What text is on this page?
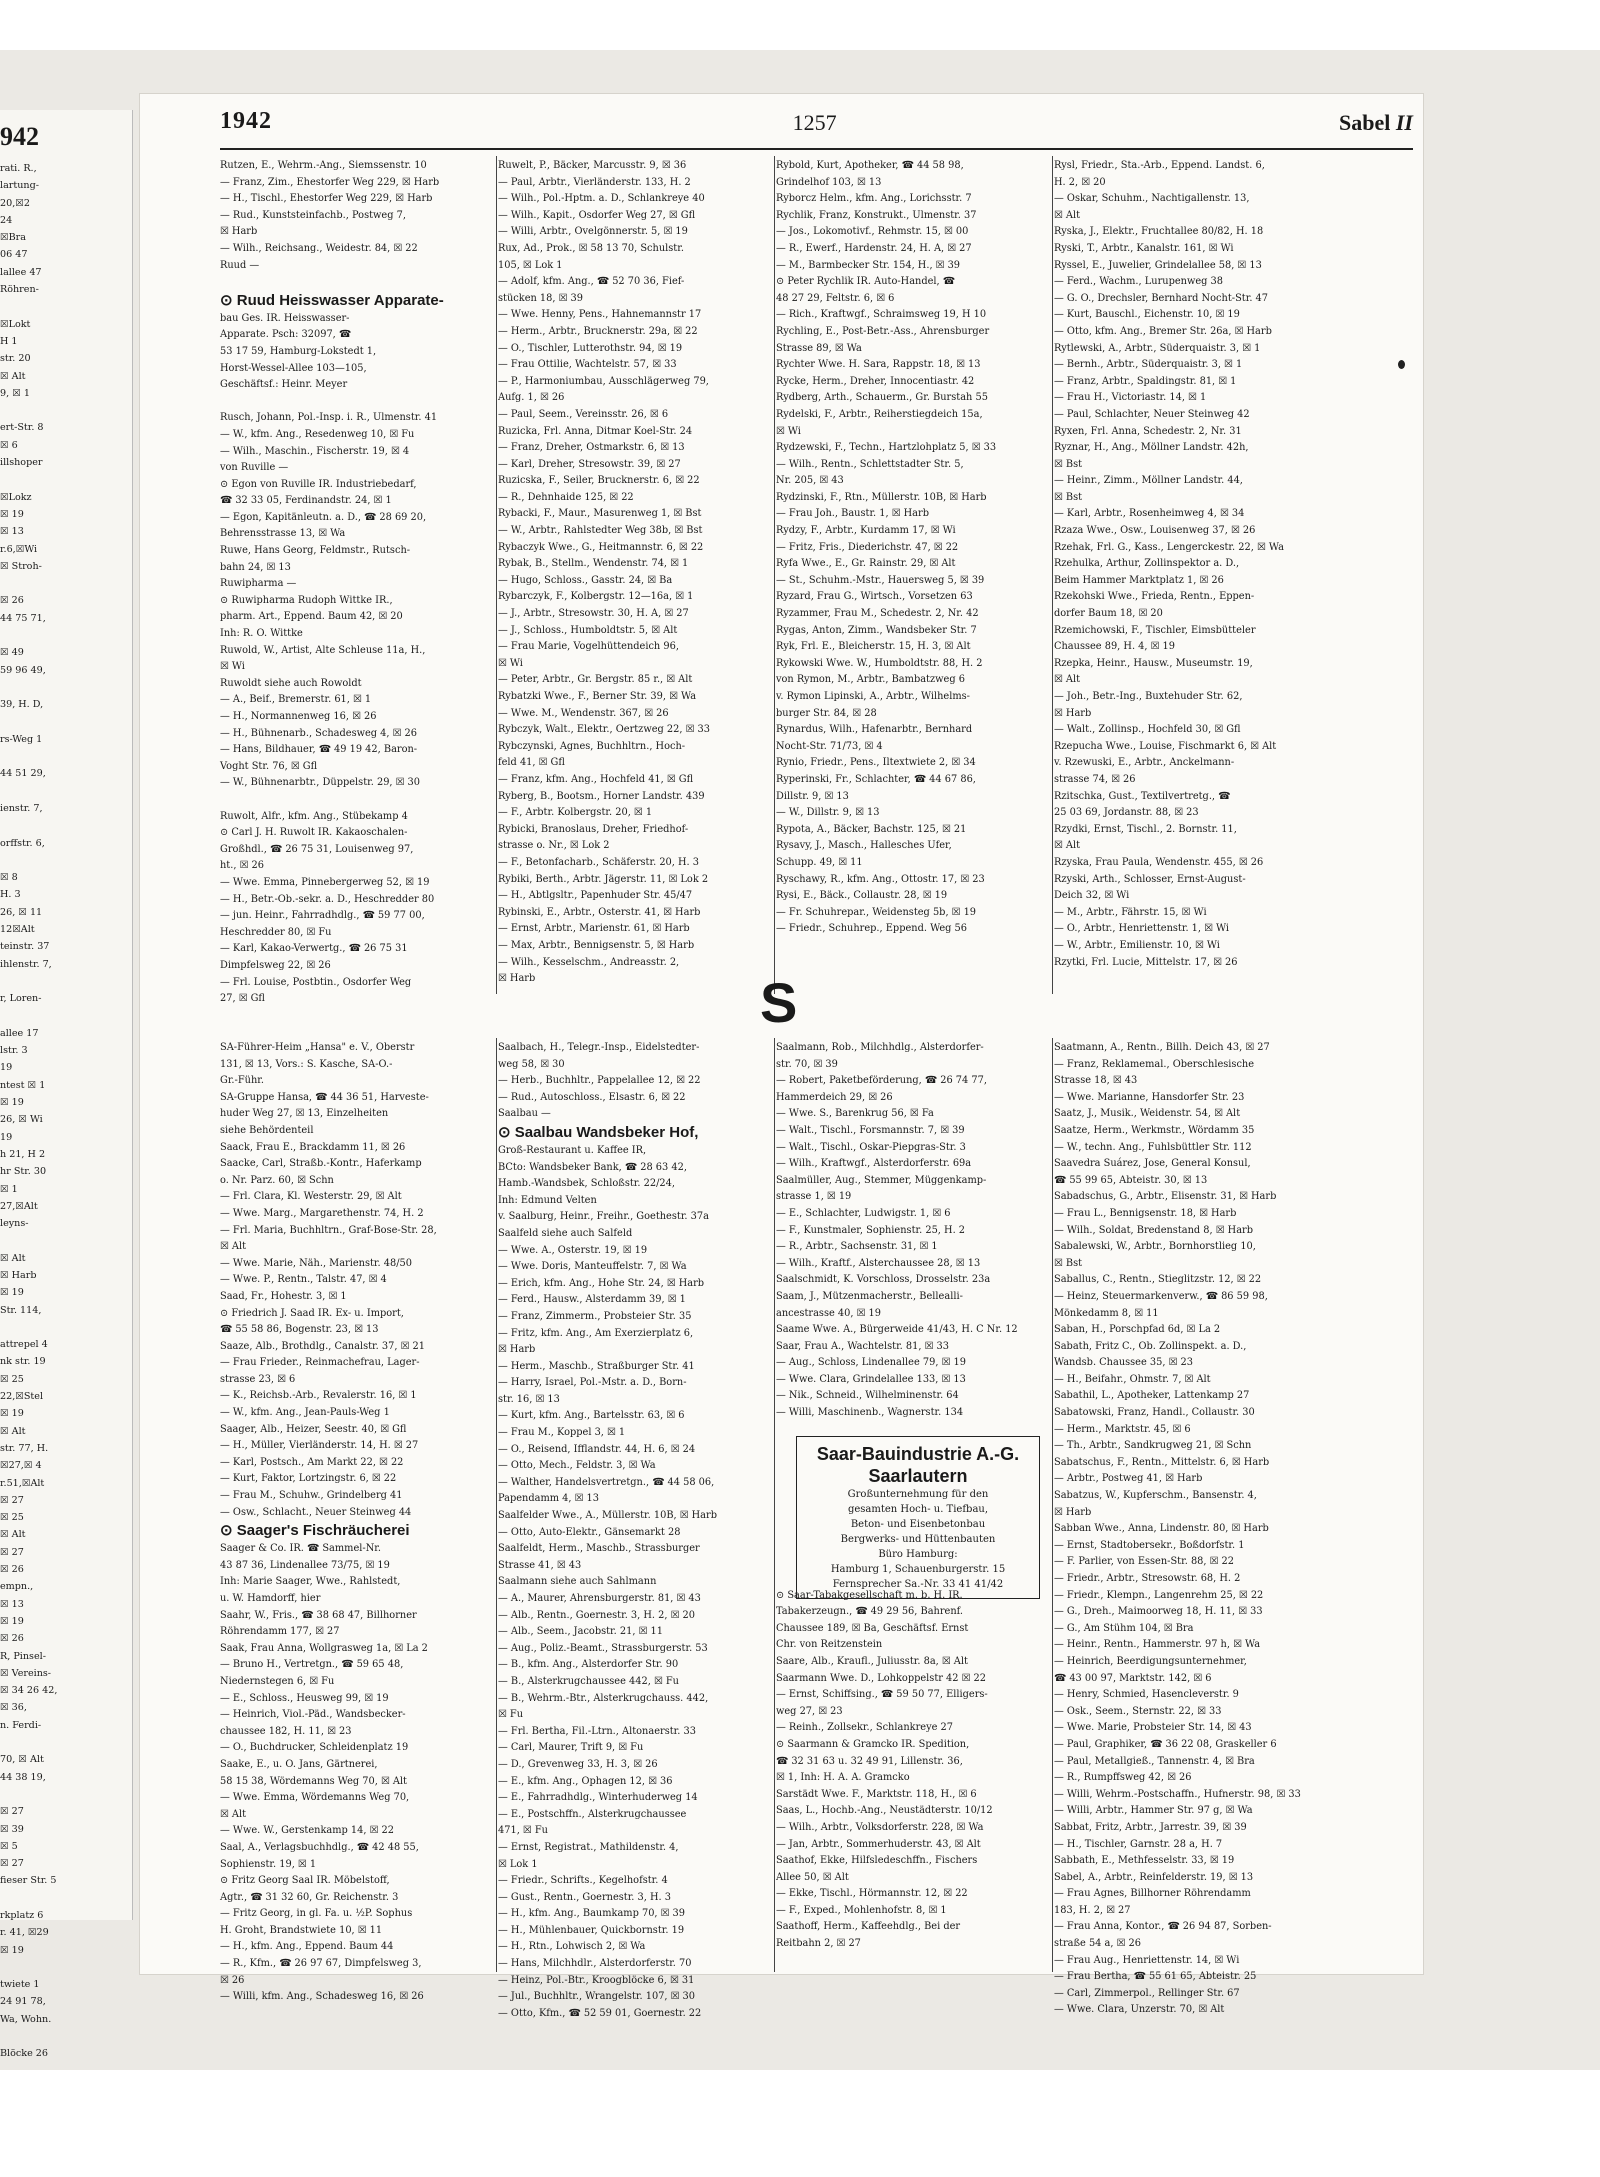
942
rati. R.,
lartung-
20,☒2
24
☒Bra
06 47
lallee 47
Röhren-

☒Lokt
H 1
str. 20
☒ Alt
9, ☒ 1

ert-Str. 8
☒ 6
illshoper

☒Lokz
☒ 19
☒ 13
r.6,☒Wi
☒ Stroh-

☒ 26
44 75 71,

☒ 49
59 96 49,

39, H. D,

rs-Weg 1

44 51 29,

ienstr. 7,

orffstr. 6,

☒ 8
H. 3
26, ☒ 11
12☒Alt
teinstr. 37
ihlenstr. 7,

r, Loren-

allee 17
lstr. 3
19
ntest ☒ 1
☒ 19
26, ☒ Wi
19
h 21, H 2
hr Str. 30
☒ 1
27,☒Alt
leyns-

☒ Alt
☒ Harb
☒ 19
Str. 114,

attrepel 4
nk str. 19
☒ 25
22,☒Stel
☒ 19
☒ Alt
str. 77, H.
☒27,☒ 4
r.51,☒Alt
☒ 27
☒ 25
☒ Alt
☒ 27
☒ 26
empn.,
☒ 13
☒ 19
☒ 26
R, Pinsel-
☒ Vereins-
☒ 34 26 42,
☒ 36,
n. Ferdi-

70, ☒ Alt
44 38 19,

☒ 27
☒ 39
☒ 5
☒ 27
fieser Str. 5

rkplatz 6
r. 41, ☒29
☒ 19

twiete 1
24 91 78,
Wa, Wohn.

Blöcke 26
1942	1257	Sabel II
Rutzen, E., Wehrm.-Ang., Siemssenstr. 10
— Franz, Zim., Ehestorfer Weg 229, ☒ Harb
— H., Tischl., Ehestorfer Weg 229, ☒ Harb
— Rud., Kunststeinfachb., Postweg 7,
☒ Harb
— Wilh., Reichsang., Weidestr. 84, ☒ 22
Ruud —

⊙ Ruud Heisswasser Apparate-
bau Ges. IR. Heisswasser-
Apparate. Psch: 32097, ☎
53 17 59, Hamburg-Lokstedt 1,
Horst-Wessel-Allee 103—105,
Geschäftsf.: Heinr. Meyer

Rusch, Johann, Pol.-Insp. i. R., Ulmenstr. 41
— W., kfm. Ang., Resedenweg 10, ☒ Fu
— Wilh., Maschin., Fischerstr. 19, ☒ 4
von Ruville —
⊙ Egon von Ruville IR. Industriebedarf,
☎ 32 33 05, Ferdinandstr. 24, ☒ 1
— Egon, Kapitänleutn. a. D., ☎ 28 69 20,
Behrensstrasse 13, ☒ Wa
Ruwe, Hans Georg, Feldmstr., Rutsch-
bahn 24, ☒ 13
Ruwipharma —
⊙ Ruwipharma Rudoph Wittke IR.,
pharm. Art., Eppend. Baum 42, ☒ 20
Inh: R. O. Wittke
Ruwold, W., Artist, Alte Schleuse 11a, H.,
☒ Wi
Ruwoldt siehe auch Rowoldt
— A., Beif., Bremerstr. 61, ☒ 1
— H., Normannenweg 16, ☒ 26
— H., Bühnenarb., Schadesweg 4, ☒ 26
— Hans, Bildhauer, ☎ 49 19 42, Baron-
Voght Str. 76, ☒ Gfl
— W., Bühnenarbtr., Düppelstr. 29, ☒ 30

Ruwolt, Alfr., kfm. Ang., Stübekamp 4
⊙ Carl J. H. Ruwolt IR. Kakaoschalen-
Großhdl., ☎ 26 75 31, Louisenweg 97,
ht., ☒ 26
— Wwe. Emma, Pinnebergerweg 52, ☒ 19
— H., Betr.-Ob.-sekr. a. D., Heschredder 80
— jun. Heinr., Fahrradhdlg., ☎ 59 77 00,
Heschredder 80, ☒ Fu
— Karl, Kakao-Verwertg., ☎ 26 75 31
Dimpfelsweg 22, ☒ 26
— Frl. Louise, Postbtin., Osdorfer Weg
27, ☒ Gfl
Ruwelt, P., Bäcker, Marcusstr. 9, ☒ 36
— Paul, Arbtr., Vierländerstr. 133, H. 2
— Wilh., Pol.-Hptm. a. D., Schlankreye 40
— Wilh., Kapit., Osdorfer Weg 27, ☒ Gfl
— Willi, Arbtr., Ovelgönnerstr. 5, ☒ 19
Rux, Ad., Prok., ☒ 58 13 70, Schulstr.
105, ☒ Lok 1
— Adolf, kfm. Ang., ☎ 52 70 36, Fief-
stücken 18, ☒ 39
— Wwe. Henny, Pens., Hahnemannstr 17
— Herm., Arbtr., Brucknerstr. 29a, ☒ 22
— O., Tischler, Lutterothstr. 94, ☒ 19
— Frau Ottilie, Wachtelstr. 57, ☒ 33
— P., Harmoniumbau, Ausschlägerweg 79,
Aufg. 1, ☒ 26
— Paul, Seem., Vereinsstr. 26, ☒ 6
Ruzicka, Frl. Anna, Ditmar Koel-Str. 24
— Franz, Dreher, Ostmarkstr. 6, ☒ 13
— Karl, Dreher, Stresowstr. 39, ☒ 27
Ruzicska, F., Seiler, Brucknerstr. 6, ☒ 22
— R., Dehnhaide 125, ☒ 22
Rybacki, F., Maur., Masurenweg 1, ☒ Bst
— W., Arbtr., Rahlstedter Weg 38b, ☒ Bst
Rybaczyk Wwe., G., Heitmannstr. 6, ☒ 22
Rybak, B., Stellm., Wendenstr. 74, ☒ 1
— Hugo, Schloss., Gasstr. 24, ☒ Ba
Rybarczyk, F., Kolbergstr. 12—16a, ☒ 1
— J., Arbtr., Stresowstr. 30, H. A, ☒ 27
— J., Schloss., Humboldtstr. 5, ☒ Alt
— Frau Marie, Vogelhüttendeich 96,
☒ Wi
— Peter, Arbtr., Gr. Bergstr. 85 r., ☒ Alt
Rybatzki Wwe., F., Berner Str. 39, ☒ Wa
— Wwe. M., Wendenstr. 367, ☒ 26
Rybczyk, Walt., Elektr., Oertzweg 22, ☒ 33
Rybczynski, Agnes, Buchhltrn., Hoch-
feld 41, ☒ Gfl
— Franz, kfm. Ang., Hochfeld 41, ☒ Gfl
Ryberg, B., Bootsm., Horner Landstr. 439
— F., Arbtr. Kolbergstr. 20, ☒ 1
Rybicki, Branoslaus, Dreher, Friedhof-
strasse o. Nr., ☒ Lok 2
— F., Betonfacharb., Schäferstr. 20, H. 3
Rybiki, Berth., Arbtr. Jägerstr. 11, ☒ Lok 2
— H., Abtlgsltr., Papenhuder Str. 45/47
Rybinski, E., Arbtr., Osterstr. 41, ☒ Harb
— Ernst, Arbtr., Marienstr. 61, ☒ Harb
— Max, Arbtr., Bennigsenstr. 5, ☒ Harb
— Wilh., Kesselschm., Andreasstr. 2,
☒ Harb
Rybold, Kurt, Apotheker, ☎ 44 58 98,
Grindelhof 103, ☒ 13
Ryborcz Helm., kfm. Ang., Lorichsstr. 7
Rychlik, Franz, Konstrukt., Ulmenstr. 37
— Jos., Lokomotivf., Rehmstr. 15, ☒ 00
— R., Ewerf., Hardenstr. 24, H. A, ☒ 27
— M., Barmbecker Str. 154, H., ☒ 39
⊙ Peter Rychlik IR. Auto-Handel, ☎
48 27 29, Feltstr. 6, ☒ 6
— Rich., Kraftwgf., Schraimsweg 19, H 10
Rychling, E., Post-Betr.-Ass., Ahrensburger
Strasse 89, ☒ Wa
Rychter Wwe. H. Sara, Rappstr. 18, ☒ 13
Rycke, Herm., Dreher, Innocentiastr. 42
Rydberg, Arth., Schauerm., Gr. Burstah 55
Rydelski, F., Arbtr., Reiherstiegdeich 15a,
☒ Wi
Rydzewski, F., Techn., Hartzlohplatz 5, ☒ 33
— Wilh., Rentn., Schlettstadter Str. 5,
Nr. 205, ☒ 43
Rydzinski, F., Rtn., Müllerstr. 10B, ☒ Harb
— Frau Joh., Baustr. 1, ☒ Harb
Rydzy, F., Arbtr., Kurdamm 17, ☒ Wi
— Fritz, Fris., Diederichstr. 47, ☒ 22
Ryfa Wwe., E., Gr. Rainstr. 29, ☒ Alt
— St., Schuhm.-Mstr., Hauersweg 5, ☒ 39
Ryzard, Frau G., Wirtsch., Vorsetzen 63
Ryzammer, Frau M., Schedestr. 2, Nr. 42
Rygas, Anton, Zimm., Wandsbeker Str. 7
Ryk, Frl. E., Bleicherstr. 15, H. 3, ☒ Alt
Rykowski Wwe. W., Humboldtstr. 88, H. 2
von Rymon, M., Arbtr., Bambatzweg 6
v. Rymon Lipinski, A., Arbtr., Wilhelms-
burger Str. 84, ☒ 28
Rynardus, Wilh., Hafenarbtr., Bernhard
Nocht-Str. 71/73, ☒ 4
Rynio, Friedr., Pens., Iltextwiete 2, ☒ 34
Ryperinski, Fr., Schlachter, ☎ 44 67 86,
Dillstr. 9, ☒ 13
— W., Dillstr. 9, ☒ 13
Rypota, A., Bäcker, Bachstr. 125, ☒ 21
Rysavy, J., Masch., Hallesches Ufer,
Schupp. 49, ☒ 11
Ryschawy, R., kfm. Ang., Ottostr. 17, ☒ 23
Rysi, E., Bäck., Collaustr. 28, ☒ 19
— Fr. Schuhrepar., Weidensteg 5b, ☒ 19
— Friedr., Schuhrep., Eppend. Weg 56
Rysl, Friedr., Sta.-Arb., Eppend. Landst. 6,
H. 2, ☒ 20
— Oskar, Schuhm., Nachtigallenstr. 13,
☒ Alt
Ryska, J., Elektr., Fruchtallee 80/82, H. 18
Ryski, T., Arbtr., Kanalstr. 161, ☒ Wi
Ryssel, E., Juwelier, Grindelallee 58, ☒ 13
— Ferd., Wachm., Lurupenweg 38
— G. O., Drechsler, Bernhard Nocht-Str. 47
— Kurt, Bauschl., Eichenstr. 10, ☒ 19
— Otto, kfm. Ang., Bremer Str. 26a, ☒ Harb
Rytlewski, A., Arbtr., Süderquaistr. 3, ☒ 1
— Bernh., Arbtr., Süderquaistr. 3, ☒ 1
— Franz, Arbtr., Spaldingstr. 81, ☒ 1
— Frau H., Victoriastr. 14, ☒ 1
— Paul, Schlachter, Neuer Steinweg 42
Ryxen, Frl. Anna, Schedestr. 2, Nr. 31
Ryznar, H., Ang., Möllner Landstr. 42h,
☒ Bst
— Heinr., Zimm., Möllner Landstr. 44,
☒ Bst
— Karl, Arbtr., Rosenheimweg 4, ☒ 34
Rzaza Wwe., Osw., Louisenweg 37, ☒ 26
Rzehak, Frl. G., Kass., Lengerckestr. 22, ☒ Wa
Rzehulka, Arthur, Zollinspektor a. D.,
Beim Hammer Marktplatz 1, ☒ 26
Rzekohski Wwe., Frieda, Rentn., Eppen-
dorfer Baum 18, ☒ 20
Rzemichowski, F., Tischler, Eimsbütteler
Chaussee 89, H. 4, ☒ 19
Rzepka, Heinr., Hausw., Museumstr. 19,
☒ Alt
— Joh., Betr.-Ing., Buxtehuder Str. 62,
☒ Harb
— Walt., Zollinsp., Hochfeld 30, ☒ Gfl
Rzepucha Wwe., Louise, Fischmarkt 6, ☒ Alt
v. Rzewuski, E., Arbtr., Anckelmann-
strasse 74, ☒ 26
Rzitschka, Gust., Textilvertretg., ☎
25 03 69, Jordanstr. 88, ☒ 23
Rzydki, Ernst, Tischl., 2. Bornstr. 11,
☒ Alt
Rzyska, Frau Paula, Wendenstr. 455, ☒ 26
Rzyski, Arth., Schlosser, Ernst-August-
Deich 32, ☒ Wi
— M., Arbtr., Fährstr. 15, ☒ Wi
— O., Arbtr., Henriettenstr. 1, ☒ Wi
— W., Arbtr., Emilienstr. 10, ☒ Wi
Rzytki, Frl. Lucie, Mittelstr. 17, ☒ 26
S
SA-Führer-Heim „Hansa" e. V., Oberstr
131, ☒ 13, Vors.: S. Kasche, SA-O.-
Gr.-Führ.
SA-Gruppe Hansa, ☎ 44 36 51, Harveste-
huder Weg 27, ☒ 13, Einzelheiten
siehe Behördenteil
Saack, Frau E., Brackdamm 11, ☒ 26
Saacke, Carl, Straßb.-Kontr., Haferkamp
o. Nr. Parz. 60, ☒ Schn
— Frl. Clara, Kl. Westerstr. 29, ☒ Alt
— Wwe. Marg., Margarethenstr. 74, H. 2
— Frl. Maria, Buchhltrn., Graf-Bose-Str. 28,
☒ Alt
— Wwe. Marie, Näh., Marienstr. 48/50
— Wwe. P., Rentn., Talstr. 47, ☒ 4
Saad, Fr., Hohestr. 3, ☒ 1
⊙ Friedrich J. Saad IR. Ex- u. Import,
☎ 55 58 86, Bogenstr. 23, ☒ 13
Saaze, Alb., Brothdlg., Canalstr. 37, ☒ 21
— Frau Frieder., Reinmachefrau, Lager-
strasse 23, ☒ 6
— K., Reichsb.-Arb., Revalerstr. 16, ☒ 1
— W., kfm. Ang., Jean-Pauls-Weg 1
Saager, Alb., Heizer, Seestr. 40, ☒ Gfl
— H., Müller, Vierländerstr. 14, H. ☒ 27
— Karl, Postsch., Am Markt 22, ☒ 22
— Kurt, Faktor, Lortzingstr. 6, ☒ 22
— Frau M., Schuhw., Grindelberg 41
— Osw., Schlacht., Neuer Steinweg 44
⊙ Saager's Fischräucherei
Saager & Co. IR. ☎ Sammel-Nr.
43 87 36, Lindenallee 73/75, ☒ 19
Inh: Marie Saager, Wwe., Rahlstedt,
u. W. Hamdorff, hier
Saahr, W., Fris., ☎ 38 68 47, Billhorner
Röhrendamm 177, ☒ 27
Saak, Frau Anna, Wollgrasweg 1a, ☒ La 2
— Bruno H., Vertretgn., ☎ 59 65 48,
Niedernstegen 6, ☒ Fu
— E., Schloss., Heusweg 99, ☒ 19
— Heinrich, Viol.-Päd., Wandsbecker-
chaussee 182, H. 11, ☒ 23
— O., Buchdrucker, Schleidenplatz 19
Saake, E., u. O. Jans, Gärtnerei,
58 15 38, Wördemanns Weg 70, ☒ Alt
— Wwe. Emma, Wördemanns Weg 70,
☒ Alt
— Wwe. W., Gerstenkamp 14, ☒ 22
Saal, A., Verlagsbuchhdlg., ☎ 42 48 55,
Sophienstr. 19, ☒ 1
⊙ Fritz Georg Saal IR. Möbelstoff,
Agtr., ☎ 31 32 60, Gr. Reichenstr. 3
— Fritz Georg, in gl. Fa. u. ½P. Sophus
H. Groht, Brandstwiete 10, ☒ 11
— H., kfm. Ang., Eppend. Baum 44
— R., Kfm., ☎ 26 97 67, Dimpfelsweg 3,
☒ 26
— Willi, kfm. Ang., Schadesweg 16, ☒ 26
Saalbach, H., Telegr.-Insp., Eidelstedter-
weg 58, ☒ 30
— Herb., Buchhltr., Pappelallee 12, ☒ 22
— Rud., Autoschloss., Elsastr. 6, ☒ 22
Saalbau —
⊙ Saalbau Wandsbeker Hof,
Groß-Restaurant u. Kaffee IR,
BCto: Wandsbeker Bank, ☎ 28 63 42,
Hamb.-Wandsbek, Schloßstr. 22/24,
Inh: Edmund Velten
v. Saalburg, Heinr., Freihr., Goethestr. 37a
Saalfeld siehe auch Salfeld
— Wwe. A., Osterstr. 19, ☒ 19
— Wwe. Doris, Manteuffelstr. 7, ☒ Wa
— Erich, kfm. Ang., Hohe Str. 24, ☒ Harb
— Ferd., Hausw., Alsterdamm 39, ☒ 1
— Franz, Zimmerm., Probsteier Str. 35
— Fritz, kfm. Ang., Am Exerzierplatz 6,
☒ Harb
— Herm., Maschb., Straßburger Str. 41
— Harry, Israel, Pol.-Mstr. a. D., Born-
str. 16, ☒ 13
— Kurt, kfm. Ang., Bartelsstr. 63, ☒ 6
— Frau M., Koppel 3, ☒ 1
— O., Reisend, Ifflandstr. 44, H. 6, ☒ 24
— Otto, Mech., Feldstr. 3, ☒ Wa
— Walther, Handelsvertretgn., ☎ 44 58 06,
Papendamm 4, ☒ 13
Saalfelder Wwe., A., Müllerstr. 10B, ☒ Harb
— Otto, Auto-Elektr., Gänsemarkt 28
Saalfeldt, Herm., Maschb., Strassburger
Strasse 41, ☒ 43
Saalmann siehe auch Sahlmann
— A., Maurer, Ahrensburgerstr. 81, ☒ 43
— Alb., Rentn., Goernestr. 3, H. 2, ☒ 20
— Alb., Seem., Jacobstr. 21, ☒ 11
— Aug., Poliz.-Beamt., Strassburgerstr. 53
— B., kfm. Ang., Alsterdorfer Str. 90
— B., Alsterkrugchaussee 442, ☒ Fu
— B., Wehrm.-Btr., Alsterkrugchauss. 442,
☒ Fu
— Frl. Bertha, Fil.-Ltrn., Altonaerstr. 33
— Carl, Maurer, Trift 9, ☒ Fu
— D., Grevenweg 33, H. 3, ☒ 26
— E., kfm. Ang., Ophagen 12, ☒ 36
— E., Fahrradhdlg., Winterhuderweg 14
— E., Postschffn., Alsterkrugchaussee
471, ☒ Fu
— Ernst, Registrat., Mathildenstr. 4,
☒ Lok 1
— Friedr., Schrifts., Kegelhofstr. 4
— Gust., Rentn., Goernestr. 3, H. 3
— H., kfm. Ang., Baumkamp 70, ☒ 39
— H., Mühlenbauer, Quickbornstr. 19
— H., Rtn., Lohwisch 2, ☒ Wa
— Hans, Milchhdlr., Alsterdorferstr. 70
— Heinz, Pol.-Btr., Kroogblöcke 6, ☒ 31
— Jul., Buchhltr., Wrangelstr. 107, ☒ 30
— Otto, Kfm., ☎ 52 59 01, Goernestr. 22
Saalmann, Rob., Milchhdlg., Alsterdorfer-
str. 70, ☒ 39
— Robert, Paketbeförderung, ☎ 26 74 77,
Hammerdeich 29, ☒ 26
— Wwe. S., Barenkrug 56, ☒ Fa
— Walt., Tischl., Forsmannstr. 7, ☒ 39
— Walt., Tischl., Oskar-Piepgras-Str. 3
— Wilh., Kraftwgf., Alsterdorferstr. 69a
Saalmüller, Aug., Stemmer, Müggenkamp-
strasse 1, ☒ 19
— E., Schlachter, Ludwigstr. 1, ☒ 6
— F., Kunstmaler, Sophienstr. 25, H. 2
— R., Arbtr., Sachsenstr. 31, ☒ 1
— Wilh., Kraftf., Alsterchaussee 28, ☒ 13
Saalschmidt, K. Vorschloss, Drosselstr. 23a
Saam, J., Mützenmacherstr., Bellealli-
ancestrasse 40, ☒ 19
Saame Wwe. A., Bürgerweide 41/43, H. C Nr. 12
Saar, Frau A., Wachtelstr. 81, ☒ 33
— Aug., Schloss, Lindenallee 79, ☒ 19
— Wwe. Clara, Grindelallee 133, ☒ 13
— Nik., Schneid., Wilhelminenstr. 64
— Willi, Maschinenb., Wagnerstr. 134

⊙ Saar-Tabakgesellschaft m. b. H. IR.
Tabakerzeugn., ☎ 49 29 56, Bahrenf.
Chaussee 189, ☒ Ba, Geschäftsf. Ernst
Chr. von Reitzenstein
Saare, Alb., Kraufl., Juliusstr. 8a, ☒ Alt
Saarmann Wwe. D., Lohkoppelstr 42 ☒ 22
— Ernst, Schiffsing., ☎ 59 50 77, Elligers-
weg 27, ☒ 23
— Reinh., Zollsekr., Schlankreye 27
⊙ Saarmann & Gramcko IR. Spedition,
☎ 32 31 63 u. 32 49 91, Lillenstr. 36,
☒ 1, Inh: H. A. A. Gramcko
Sarstädt Wwe. F., Marktstr. 118, H., ☒ 6
Saas, L., Hochb.-Ang., Neustädterstr. 10/12
— Wilh., Arbtr., Volksdorferstr. 228, ☒ Wa
— Jan, Arbtr., Sommerhuderstr. 43, ☒ Alt
Saathof, Ekke, Hilfsledeschffn., Fischers
Allee 50, ☒ Alt
— Ekke, Tischl., Hörmannstr. 12, ☒ 22
— F., Exped., Mohlenhofstr. 8, ☒ 1
Saathoff, Herm., Kaffeehdlg., Bei der
Reitbahn 2, ☒ 27
Saatmann, A., Rentn., Billh. Deich 43, ☒ 27
— Franz, Reklamemal., Oberschlesische
Strasse 18, ☒ 43
— Wwe. Marianne, Hansdorfer Str. 23
Saatz, J., Musik., Weidenstr. 54, ☒ Alt
Saatze, Herm., Werkmstr., Wördamm 35
— W., techn. Ang., Fuhlsbüttler Str. 112
Saavedra Suárez, Jose, General Konsul,
☎ 55 99 65, Abteistr. 30, ☒ 13
Sabadschus, G., Arbtr., Elisenstr. 31, ☒ Harb
— Frau L., Bennigsenstr. 18, ☒ Harb
— Wilh., Soldat, Bredenstand 8, ☒ Harb
Sabalewski, W., Arbtr., Bornhorstlieg 10,
☒ Bst
Saballus, C., Rentn., Stieglitzstr. 12, ☒ 22
— Heinz, Steuermarkenverw., ☎ 86 59 98,
Mönkedamm 8, ☒ 11
Saban, H., Porschpfad 6d, ☒ La 2
Sabath, Fritz C., Ob. Zollinspekt. a. D.,
Wandsb. Chaussee 35, ☒ 23
— H., Beifahr., Ohmstr. 7, ☒ Alt
Sabathil, L., Apotheker, Lattenkamp 27
Sabatowski, Franz, Handl., Collaustr. 30
— Herm., Marktstr. 45, ☒ 6
— Th., Arbtr., Sandkrugweg 21, ☒ Schn
Sabatschus, F., Rentn., Mittelstr. 6, ☒ Harb
— Arbtr., Postweg 41, ☒ Harb
Sabatzus, W., Kupferschm., Bansenstr. 4,
☒ Harb
Sabban Wwe., Anna, Lindenstr. 80, ☒ Harb
— Ernst, Stadtobersekr., Boßdorfstr. 1
— F. Parlier, von Essen-Str. 88, ☒ 22
— Friedr., Arbtr., Stresowstr. 68, H. 2
— Friedr., Klempn., Langenrehm 25, ☒ 22
— G., Dreh., Maimoorweg 18, H. 11, ☒ 33
— G., Am Stühm 104, ☒ Bra
— Heinr., Rentn., Hammerstr. 97 h, ☒ Wa
— Heinrich, Beerdigungsunternehmer,
☎ 43 00 97, Marktstr. 142, ☒ 6
— Henry, Schmied, Hasencleverstr. 9
— Osk., Seem., Sternstr. 22, ☒ 33
— Wwe. Marie, Probsteier Str. 14, ☒ 43
— Paul, Graphiker, ☎ 36 22 08, Graskeller 6
— Paul, Metallgieß., Tannenstr. 4, ☒ Bra
— R., Rumpffsweg 42, ☒ 26
— Willi, Wehrm.-Postschaffn., Hufnerstr. 98, ☒ 33
— Willi, Arbtr., Hammer Str. 97 g, ☒ Wa
Sabbat, Fritz, Arbtr., Jarrestr. 39, ☒ 39
— H., Tischler, Garnstr. 28 a, H. 7
Sabbath, E., Methfesselstr. 33, ☒ 19
Sabel, A., Arbtr., Reinfelderstr. 19, ☒ 13
— Frau Agnes, Billhorner Röhrendamm
183, H. 2, ☒ 27
— Frau Anna, Kontor., ☎ 26 94 87, Sorben-
straße 54 a, ☒ 26
— Frau Aug., Henriettenstr. 14, ☒ Wi
— Frau Bertha, ☎ 55 61 65, Abteistr. 25
— Carl, Zimmerpol., Rellinger Str. 67
— Wwe. Clara, Unzerstr. 70, ☒ Alt
Saar-Bauindustrie A.-G.
Saarlautern
Großunternehmung für den
gesamten Hoch- u. Tiefbau,
Beton- und Eisenbetonbau
Bergwerks- und Hüttenbauten
Büro Hamburg:
Hamburg 1, Schauenburgerstr. 15
Fernsprecher Sa.-Nr. 33 41 41/42
